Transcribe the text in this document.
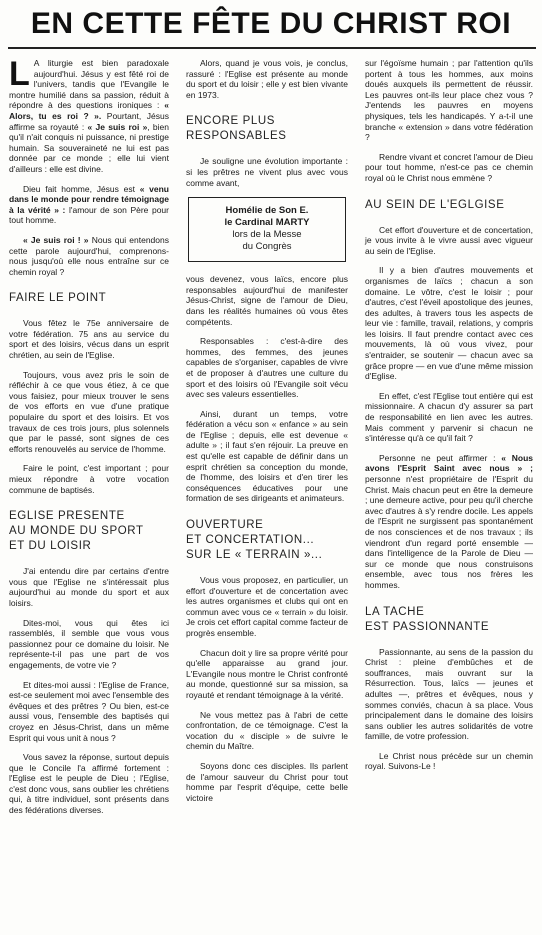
EN CETTE FÊTE DU CHRIST ROI

L A liturgie est bien paradoxale aujourd'hui. Jésus y est fêté roi de l'univers, tandis que l'Evangile le montre humilié dans sa passion, réduit à répondre à des questions ironiques : « Alors, tu es roi ? ». Pourtant, Jésus affirme sa royauté : « Je suis roi », bien qu'il n'ait conquis ni puissance, ni prestige humain. Sa souveraineté ne lui est pas donnée par ce monde ; elle lui vient d'ailleurs : elle est divine.

Dieu fait homme, Jésus est « venu dans le monde pour rendre témoignage à la vérité » : l'amour de son Père pour tout homme.

« Je suis roi ! » Nous qui entendons cette parole aujourd'hui, comprenons-nous jusqu'où elle nous entraîne sur ce chemin royal ?

FAIRE LE POINT

Vous fêtez le 75e anniversaire de votre fédération. 75 ans au service du sport et des loisirs, vécus dans un esprit chrétien, au sein de l'Eglise.

Toujours, vous avez pris le soin de réfléchir à ce que vous étiez, à ce que vous faisiez, pour mieux trouver le sens de vos efforts en vue d'une pratique populaire du sport et des loisirs. Et vos travaux de ces trois jours, plus solennels que par le passé, sont signes de ces efforts renouvelés au service de l'homme.

Faire le point, c'est important ; pour mieux répondre à votre vocation commune de baptisés.

EGLISE PRESENTE
AU MONDE DU SPORT
ET DU LOISIR

J'ai entendu dire par certains d'entre vous que l'Eglise ne s'intéressait plus aujourd'hui au monde du sport et aux loisirs.

Dites-moi, vous qui êtes ici rassemblés, il semble que vous vous passionnez pour ce domaine du loisir. Ne représente-t-il pas une part de vos engagements, de votre vie ?

Et dites-moi aussi : l'Eglise de France, est-ce seulement moi avec l'ensemble des évêques et des prêtres ? Ou bien, est-ce aussi vous, l'ensemble des baptisés qui croyez en Jésus-Christ, dans un même Esprit qui vous unit à nous ?

Vous savez la réponse, surtout depuis que le Concile l'a affirmé fortement : l'Eglise est le peuple de Dieu ; l'Eglise, c'est donc vous, sans oublier les chrétiens qui, à titre individuel, sont présents dans des fédérations diverses.

Alors, quand je vous vois, je conclus, rassuré : l'Eglise est présente au monde du sport et du loisir ; elle y est bien vivante en 1973.

ENCORE PLUS
RESPONSABLES

Je souligne une évolution importante : si les prêtres ne vivent plus avec vous comme avant,

Homélie de Son E.
le Cardinal MARTY
lors de la Messe
du Congrès

vous devenez, vous laïcs, encore plus responsables aujourd'hui de manifester Jésus-Christ, signe de l'amour de Dieu, dans les réalités humaines où vous êtes compétents.

Responsables : c'est-à-dire des hommes, des femmes, des jeunes capables de s'organiser, capables de vivre et de proposer à d'autres une culture du sport et des loisirs où l'Evangile soit vécu avec ses valeurs essentielles.

Ainsi, durant un temps, votre fédération a vécu son « enfance » au sein de l'Eglise ; depuis, elle est devenue « adulte » ; il faut s'en réjouir. La preuve en est qu'elle est capable de définir dans un esprit chrétien sa conception du monde, de l'homme, des loisirs et d'en tirer les conséquences éducatives pour une formation de ses dirigeants et animateurs.

OUVERTURE
ET CONCERTATION...
SUR LE « TERRAIN »...

Vous vous proposez, en particulier, un effort d'ouverture et de concertation avec les autres organismes et clubs qui ont en commun avec vous ce « terrain » du loisir. Je crois cet effort capital comme facteur de progrès ensemble.

Chacun doit y lire sa propre vérité pour qu'elle apparaisse au grand jour. L'Evangile nous montre le Christ confronté au monde, questionné sur sa mission, sa royauté et rendant témoignage à la vérité.

Ne vous mettez pas à l'abri de cette confrontation, de ce témoignage. C'est la vocation du « disciple » de suivre le chemin du Maître.

Soyons donc ces disciples. Ils parlent de l'amour sauveur du Christ pour tout homme par l'esprit d'équipe, cette belle victoire

sur l'égoïsme humain ; par l'attention qu'ils portent à tous les hommes, aux moins doués auxquels ils permettent de réussir. Les pauvres ont-ils leur place chez vous ? J'entends les pauvres en moyens physiques, tels les handicapés. Y a-t-il une branche « extension » dans votre fédération ?

Rendre vivant et concret l'amour de Dieu pour tout homme, n'est-ce pas ce chemin royal où le Christ nous emmène ?

AU SEIN DE L'EGLGISE

Cet effort d'ouverture et de concertation, je vous invite à le vivre aussi avec vigueur au sein de l'Eglise.

Il y a bien d'autres mouvements et organismes de laïcs ; chacun a son domaine. Le vôtre, c'est le loisir ; pour d'autres, c'est l'éveil apostolique des jeunes, des adultes, à travers tous les aspects de leur vie : famille, travail, relations, y compris les loisirs. Il faut prendre contact avec ces mouvements, là où vous vivez, pour s'entraider, se soutenir — chacun avec sa grâce propre — en vue d'une même mission d'Eglise.

En effet, c'est l'Eglise tout entière qui est missionnaire. A chacun d'y assurer sa part de responsabilité en lien avec les autres. Mais comment y parvenir si chacun ne s'intéresse qu'à ce qu'il fait ?

Personne ne peut affirmer : « Nous avons l'Esprit Saint avec nous » ; personne n'est propriétaire de l'Esprit du Christ. Mais chacun peut en être la demeure ; une demeure active, pour peu qu'il cherche avec d'autres à s'y rendre docile. Les appels de l'Esprit ne surgissent pas spontanément de nos consciences et de nos travaux ; ils viendront d'un regard porté ensemble — dans l'intelligence de la Parole de Dieu — sur ce monde que nous construisons ensemble, avec tous nos frères les hommes.

LA TACHE
EST PASSIONNANTE

Passionnante, au sens de la passion du Christ : pleine d'embûches et de souffrances, mais ouvrant sur la Résurrection. Tous, laïcs — jeunes et adultes —, prêtres et évêques, nous y sommes conviés, chacun à sa place. Vous principalement dans le domaine des loisirs sans oublier les autres solidarités de votre famille, de votre profession.

Le Christ nous précède sur un chemin royal. Suivons-Le !
